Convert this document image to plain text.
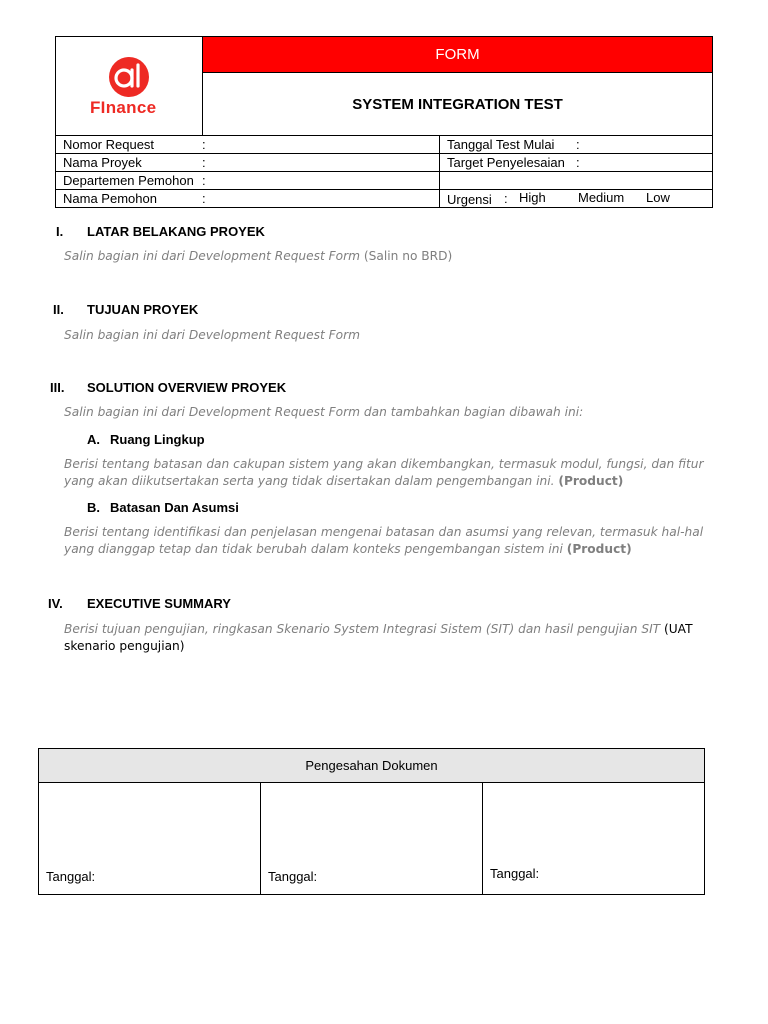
FInance
FORM
SYSTEM INTEGRATION TEST
Nomor Request	:	Tanggal Test Mulai :
Nama Proyek	:	Target Penyelesaian :
Departemen Pemohon :
Nama Pemohon	:	Urgensi : High Medium Low
I. LATAR BELAKANG PROYEK
Salin bagian ini dari Development Request Form (Salin no BRD)
II. TUJUAN PROYEK
Salin bagian ini dari Development Request Form
III. SOLUTION OVERVIEW PROYEK
Salin bagian ini dari Development Request Form dan tambahkan bagian dibawah ini:
A. Ruang Lingkup
Berisi tentang batasan dan cakupan sistem yang akan dikembangkan, termasuk modul, fungsi, dan fitur yang akan diikutsertakan serta yang tidak disertakan dalam pengembangan ini. (Product)
B. Batasan Dan Asumsi
Berisi tentang identifikasi dan penjelasan mengenai batasan dan asumsi yang relevan, termasuk hal-hal yang dianggap tetap dan tidak berubah dalam konteks pengembangan sistem ini (Product)
IV. EXECUTIVE SUMMARY
Berisi tujuan pengujian, ringkasan Skenario System Integrasi Sistem (SIT) dan hasil pengujian SIT (UAT skenario pengujian)
Pengesahan Dokumen
Tanggal:	Tanggal:	Tanggal:
